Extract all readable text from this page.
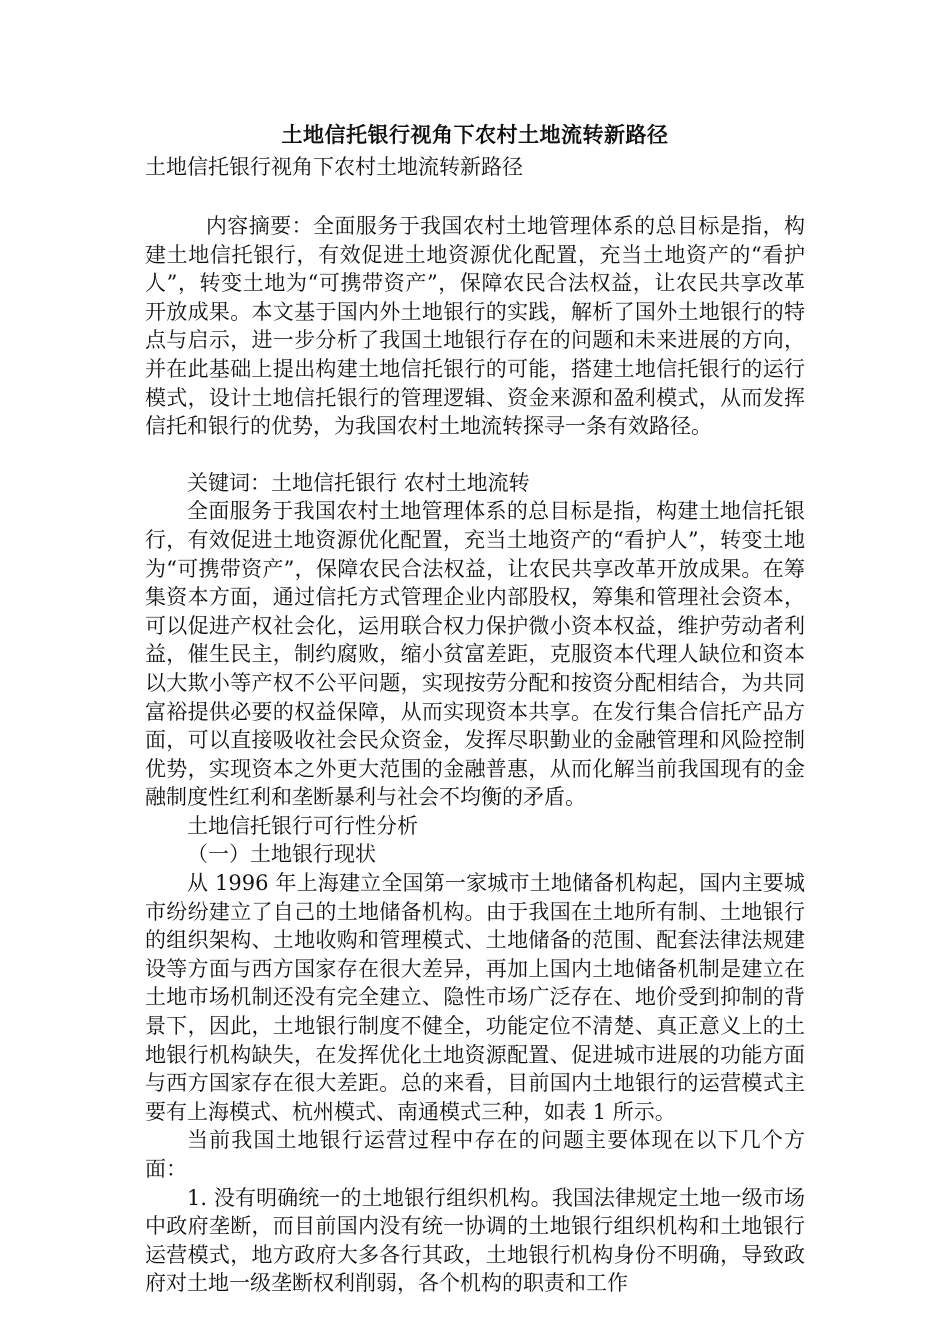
土地信托银行视角下农村土地流转新路径

土地信托银行视角下农村土地流转新路径

内容摘要：全面服务于我国农村土地管理体系的总目标是指，构建土地信托银行，有效促进土地资源优化配置，充当土地资产的“看护人”，转变土地为“可携带资产”，保障农民合法权益，让农民共享改革开放成果。本文基于国内外土地银行的实践，解析了国外土地银行的特点与启示，进一步分析了我国土地银行存在的问题和未来进展的方向，并在此基础上提出构建土地信托银行的可能，搭建土地信托银行的运行模式，设计土地信托银行的管理逻辑、资金来源和盈利模式，从而发挥信托和银行的优势，为我国农村土地流转探寻一条有效路径。

关键词：土地信托银行 农村土地流转

全面服务于我国农村土地管理体系的总目标是指，构建土地信托银行，有效促进土地资源优化配置，充当土地资产的“看护人”，转变土地为“可携带资产”，保障农民合法权益，让农民共享改革开放成果。在筹集资本方面，通过信托方式管理企业内部股权，筹集和管理社会资本，可以促进产权社会化，运用联合权力保护微小资本权益，维护劳动者利益，催生民主，制约腐败，缩小贫富差距，克服资本代理人缺位和资本以大欺小等产权不公平问题，实现按劳分配和按资分配相结合，为共同富裕提供必要的权益保障，从而实现资本共享。在发行集合信托产品方面，可以直接吸收社会民众资金，发挥尽职勤业的金融管理和风险控制优势，实现资本之外更大范围的金融普惠，从而化解当前我国现有的金融制度性红利和垄断暴利与社会不均衡的矛盾。

土地信托银行可行性分析

（一）土地银行现状

从 1996 年上海建立全国第一家城市土地储备机构起，国内主要城市纷纷建立了自己的土地储备机构。由于我国在土地所有制、土地银行的组织架构、土地收购和管理模式、土地储备的范围、配套法律法规建设等方面与西方国家存在很大差异，再加上国内土地储备机制是建立在土地市场机制还没有完全建立、隐性市场广泛存在、地价受到抑制的背景下，因此，土地银行制度不健全，功能定位不清楚、真正意义上的土地银行机构缺失，在发挥优化土地资源配置、促进城市进展的功能方面与西方国家存在很大差距。总的来看，目前国内土地银行的运营模式主要有上海模式、杭州模式、南通模式三种，如表 1 所示。

当前我国土地银行运营过程中存在的问题主要体现在以下几个方面：

1. 没有明确统一的土地银行组织机构。我国法律规定土地一级市场中政府垄断，而目前国内没有统一协调的土地银行组织机构和土地银行运营模式，地方政府大多各行其政，土地银行机构身份不明确，导致政府对土地一级垄断权利削弱，各个机构的职责和工作
